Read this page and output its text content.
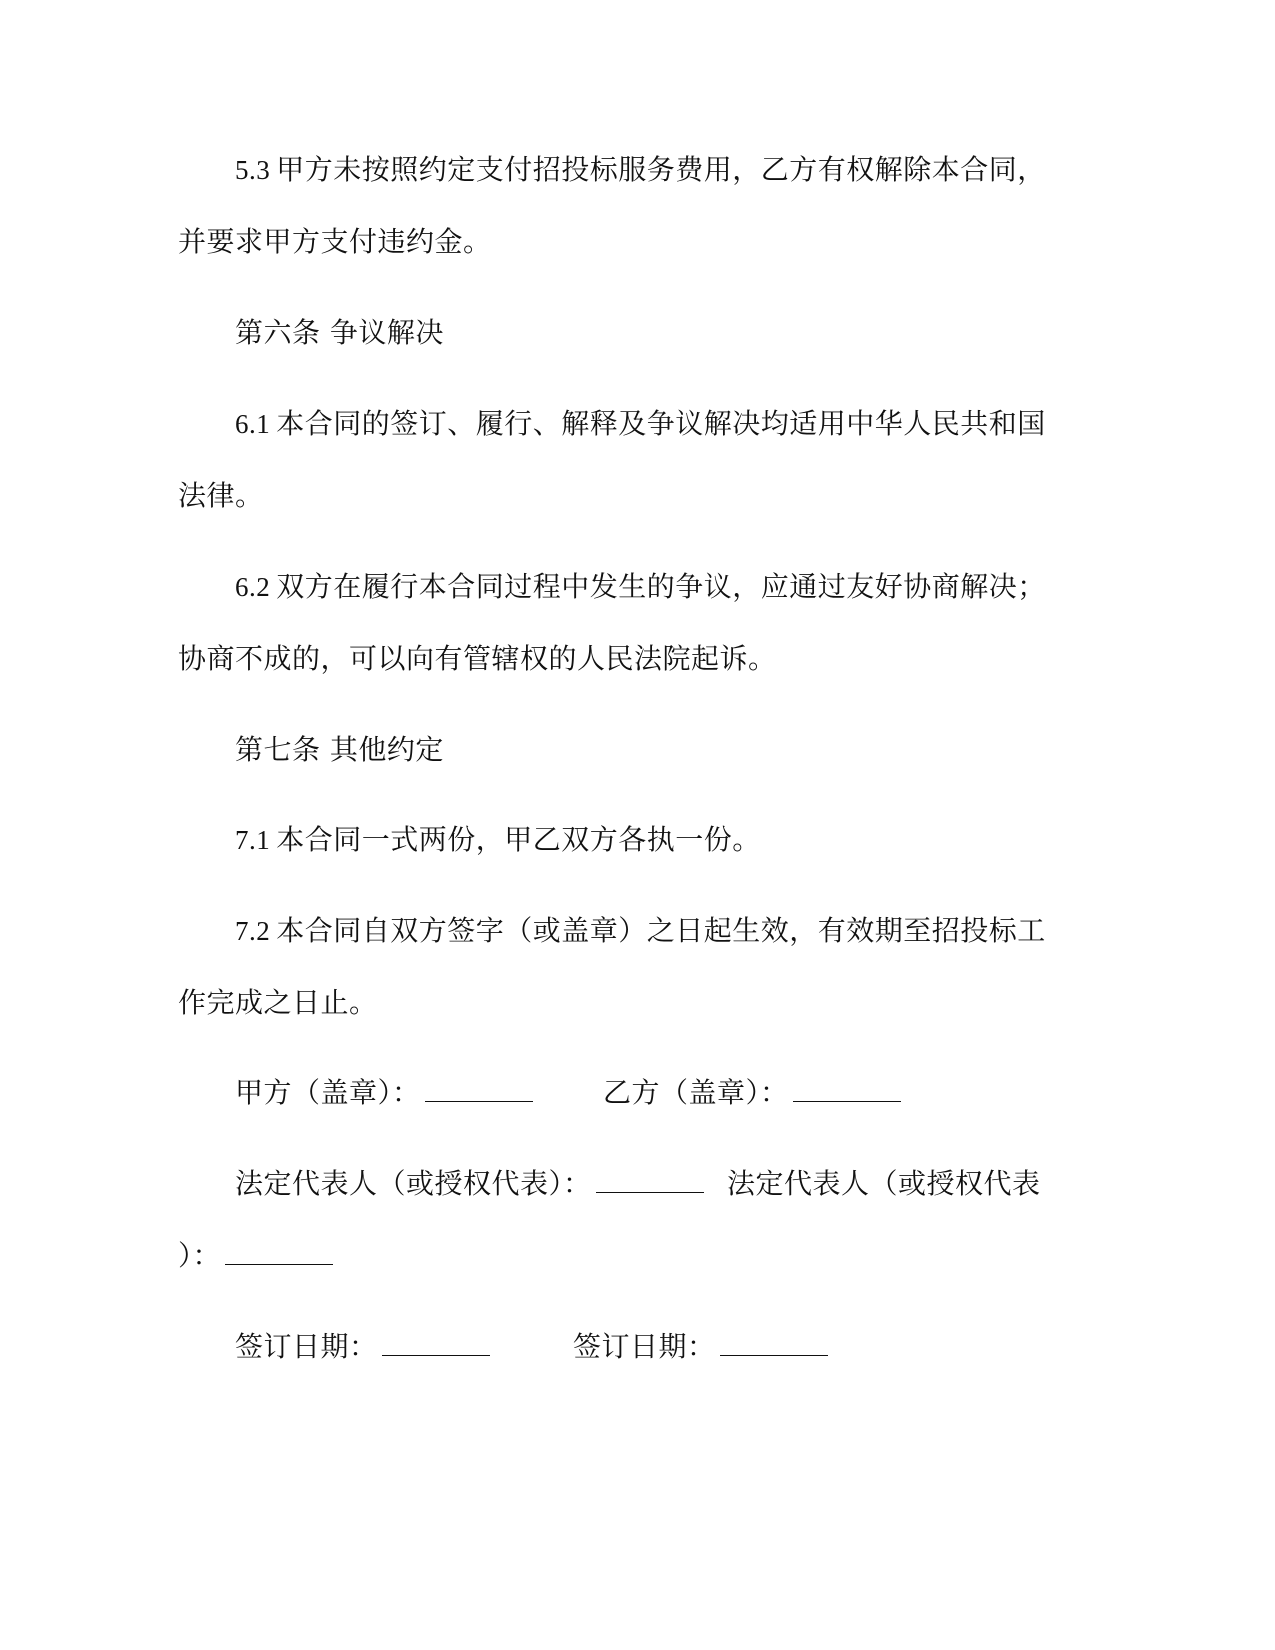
5.3 甲方未按照约定支付招投标服务费用，乙方有权解除本合同，
并要求甲方支付违约金。
第六条 争议解决
6.1 本合同的签订、履行、解释及争议解决均适用中华人民共和国
法律。
6.2 双方在履行本合同过程中发生的争议，应通过友好协商解决；
协商不成的，可以向有管辖权的人民法院起诉。
第七条 其他约定
7.1 本合同一式两份，甲乙双方各执一份。
7.2 本合同自双方签字（或盖章）之日起生效，有效期至招投标工
作完成之日止。
甲方（盖章）：	乙方（盖章）：
法定代表人（或授权代表）：	法定代表人（或授权代表
）：
签订日期：	签订日期：
